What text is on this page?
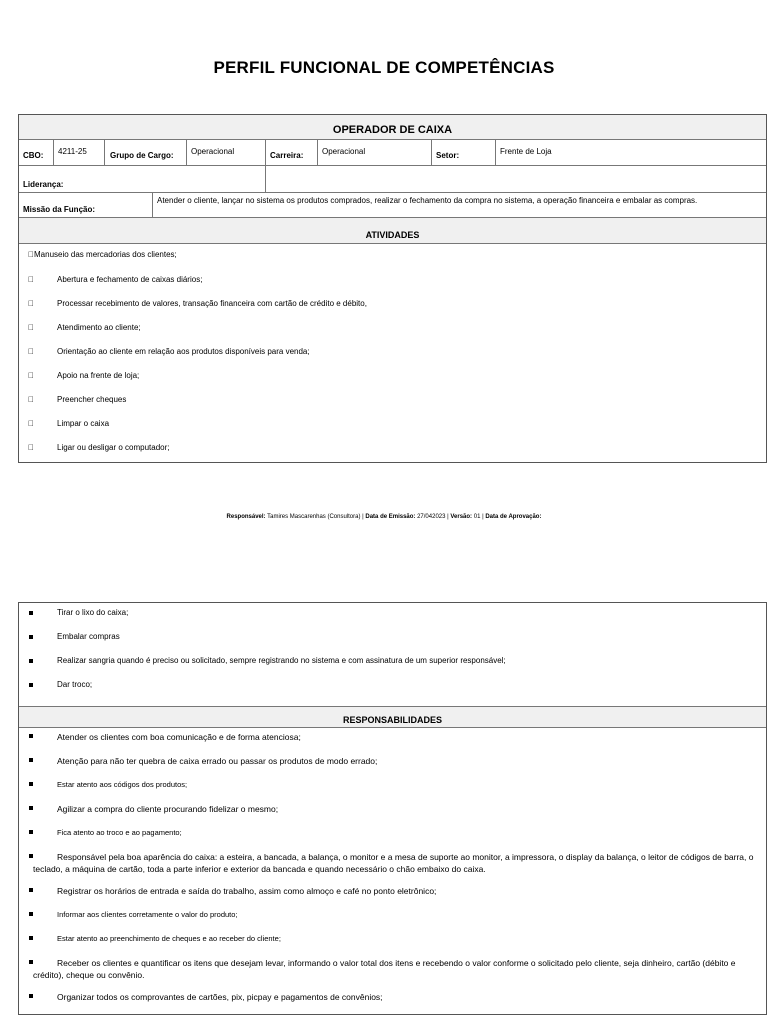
PERFIL FUNCIONAL DE COMPETÊNCIAS
OPERADOR DE CAIXA
CBO: 4211-25	Grupo de Cargo: Operacional	Carreira: Operacional	Setor:	Frente de Loja
Liderança:
Missão da Função:
Atender o cliente, lançar no sistema os produtos comprados, realizar o fechamento da compra no sistema, a operação financeira e embalar as compras.
ATIVIDADES
Manuseio das mercadorias dos clientes;
Abertura e fechamento de caixas diários;
Processar recebimento de valores, transação financeira com cartão de crédito e débito,
Atendimento ao cliente;
Orientação ao cliente em relação aos produtos disponíveis para venda;
Apoio na frente de loja;
Preencher cheques
Limpar o caixa
Ligar ou desligar o computador;
Responsável: Tamires Mascarenhas (Consultora) | Data de Emissão: 27/042023 | Versão: 01 | Data de Aprovação:
Tirar o lixo do caixa;
Embalar compras
Realizar sangria quando é preciso ou solicitado, sempre registrando no sistema e com assinatura de um superior responsável;
Dar troco;
RESPONSABILIDADES
Atender os clientes com boa comunicação e de forma atenciosa;
Atenção para não ter quebra de caixa errado ou passar os produtos de modo errado;
Estar atento aos códigos dos produtos;
Agilizar a compra do cliente procurando fidelizar o mesmo;
Fica atento ao troco e ao pagamento;
Responsável pela boa aparência do caixa: a esteira, a bancada, a balança, o monitor e a mesa de suporte ao monitor, a impressora, o display da balança, o leitor de códigos de barra, o teclado, a máquina de cartão, toda a parte inferior e exterior da bancada e quando necessário o chão embaixo do caixa.
Registrar os horários de entrada e saída do trabalho, assim como almoço e café no ponto eletrônico;
Informar aos clientes corretamente o valor do produto;
Estar atento ao preenchimento de cheques e ao receber do cliente;
Receber os clientes e quantificar os itens que desejam levar, informando o valor total dos itens e recebendo o valor conforme o solicitado pelo cliente, seja dinheiro, cartão (débito e crédito), cheque ou convênio.
Organizar todos os comprovantes de cartões, pix, picpay e pagamentos de convênios;
